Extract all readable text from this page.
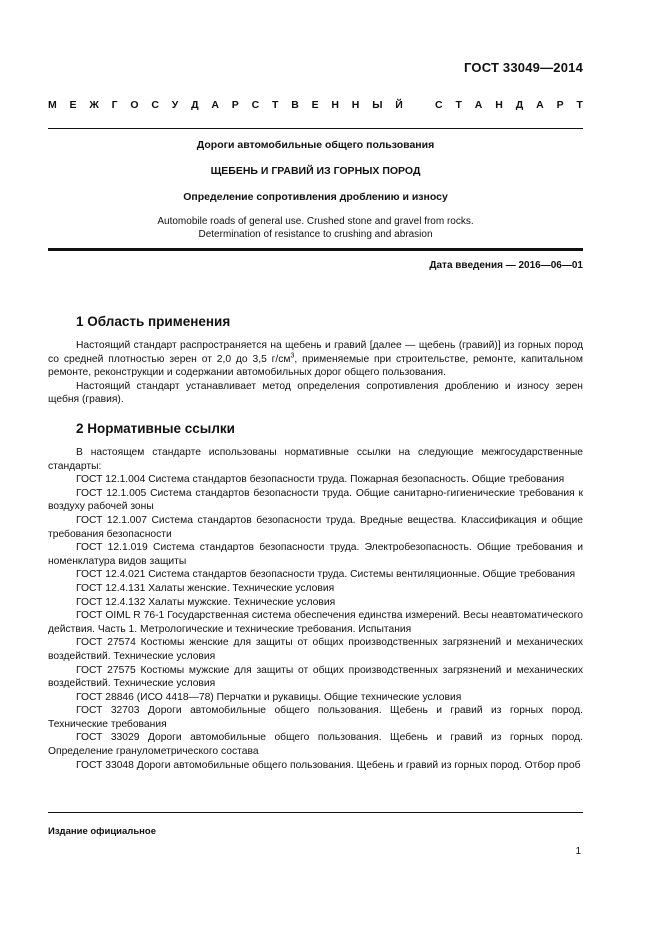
ГОСТ 33049—2014
М Е Ж Г О С У Д А Р С Т В Е Н Н Ы Й	С Т А Н Д А Р Т
Дороги автомобильные общего пользования
ЩЕБЕНЬ И ГРАВИЙ ИЗ ГОРНЫХ ПОРОД
Определение сопротивления дроблению и износу
Automobile roads of general use. Crushed stone and gravel from rocks.
Determination of resistance to crushing and abrasion
Дата введения — 2016—06—01
1 Область применения

Настоящий стандарт распространяется на щебень и гравий [далее — щебень (гравий)] из горных пород со средней плотностью зерен от 2,0 до 3,5 $г/см^3$, применяемые при строительстве, ремонте, капитальном ремонте, реконструкции и содержании автомобильных дорог общего пользования.

Настоящий стандарт устанавливает метод определения сопротивления дроблению и износу зерен щебня (гравия).

2 Нормативные ссылки

В настоящем стандарте использованы нормативные ссылки на следующие межгосударственные стандарты:

ГОСТ 12.1.004 Система стандартов безопасности труда. Пожарная безопасность. Общие требования

ГОСТ 12.1.005 Система стандартов безопасности труда. Общие санитарно-гигиенические требования к воздуху рабочей зоны

ГОСТ 12.1.007 Система стандартов безопасности труда. Вредные вещества. Классификация и общие требования безопасности

ГОСТ 12.1.019 Система стандартов безопасности труда. Электробезопасность. Общие требования и номенклатура видов защиты

ГОСТ 12.4.021 Система стандартов безопасности труда. Системы вентиляционные. Общие требования

ГОСТ 12.4.131 Халаты женские. Технические условия

ГОСТ 12.4.132 Халаты мужские. Технические условия

ГОСТ OIML R 76-1 Государственная система обеспечения единства измерений. Весы неавтоматического действия. Часть 1. Метрологические и технические требования. Испытания

ГОСТ 27574 Костюмы женские для защиты от общих производственных загрязнений и механических воздействий. Технические условия

ГОСТ 27575 Костюмы мужские для защиты от общих производственных загрязнений и механических воздействий. Технические условия

ГОСТ 28846 (ИСО 4418—78) Перчатки и рукавицы. Общие технические условия

ГОСТ 32703 Дороги автомобильные общего пользования. Щебень и гравий из горных пород. Технические требования

ГОСТ 33029 Дороги автомобильные общего пользования. Щебень и гравий из горных пород. Определение гранулометрического состава

ГОСТ 33048 Дороги автомобильные общего пользования. Щебень и гравий из горных пород. Отбор проб

Издание официальное
1
